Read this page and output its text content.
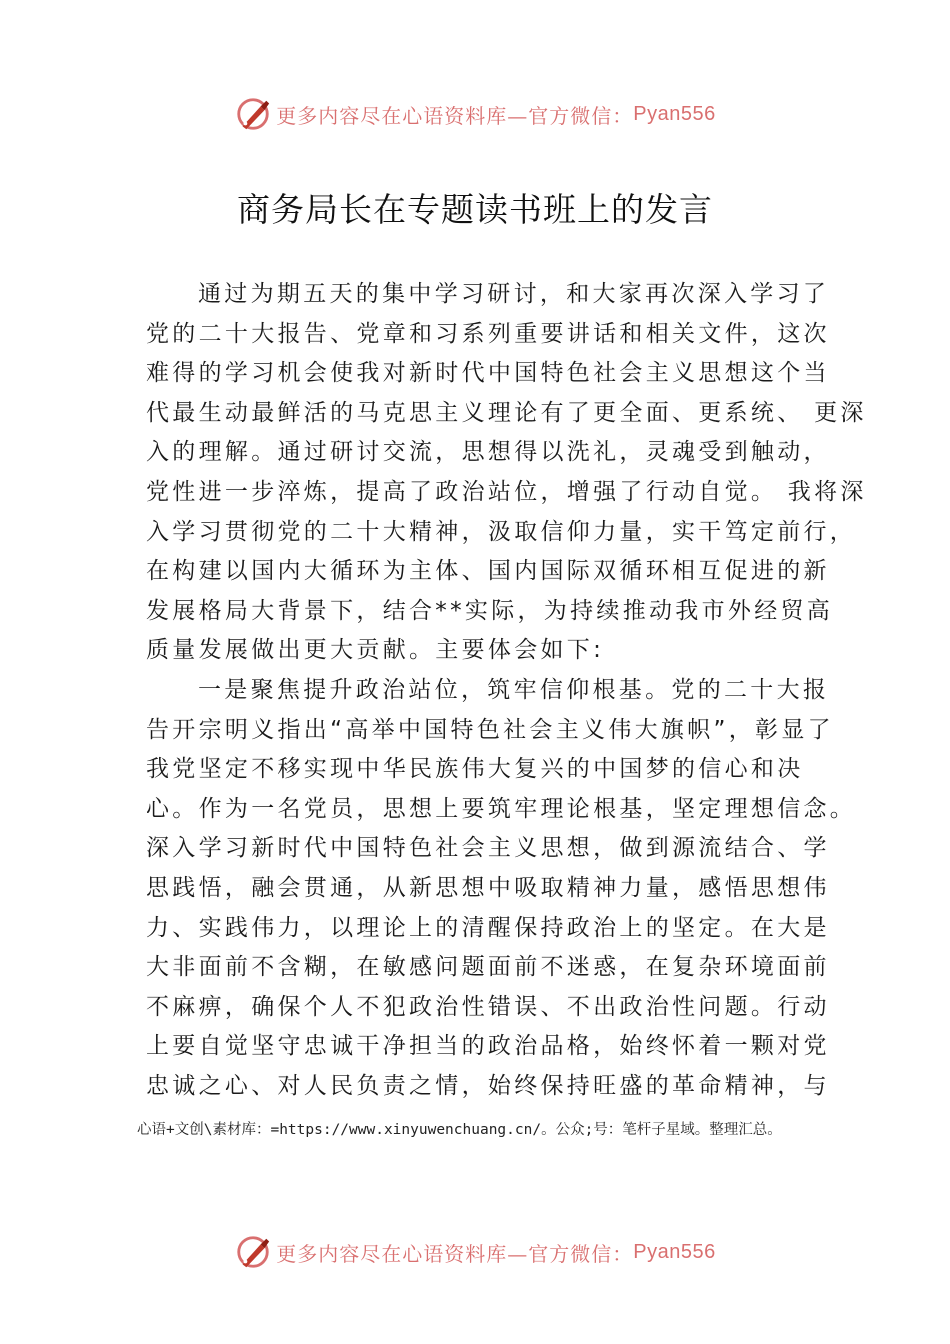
更多内容尽在心语资料库—官方微信： Pyan556
商务局长在专题读书班上的发言
通过为期五天的集中学习研讨，和大家再次深入学习了
党的二十大报告、党章和习系列重要讲话和相关文件，这次
难得的学习机会使我对新时代中国特色社会主义思想这个当
代最生动最鲜活的马克思主义理论有了更全面、更系统、 更深
入的理解。通过研讨交流，思想得以洗礼，灵魂受到触动，
党性进一步淬炼，提高了政治站位，增强了行动自觉。 我将深
入学习贯彻党的二十大精神，汲取信仰力量，实干笃定前行，
在构建以国内大循环为主体、国内国际双循环相互促进的新
发展格局大背景下，结合**实际，为持续推动我市外经贸高
质量发展做出更大贡献。主要体会如下:
一是聚焦提升政治站位，筑牢信仰根基。党的二十大报
告开宗明义指出“高举中国特色社会主义伟大旗帜”，彰显了
我党坚定不移实现中华民族伟大复兴的中国梦的信心和决
心。作为一名党员，思想上要筑牢理论根基，坚定理想信念。
深入学习新时代中国特色社会主义思想，做到源流结合、学
思践悟，融会贯通，从新思想中吸取精神力量，感悟思想伟
力、实践伟力，以理论上的清醒保持政治上的坚定。在大是
大非面前不含糊，在敏感问题面前不迷惑，在复杂环境面前
不麻痹，确保个人不犯政治性错误、不出政治性问题。行动
上要自觉坚守忠诚干净担当的政治品格，始终怀着一颗对党
忠诚之心、对人民负责之情，始终保持旺盛的革命精神，与
心语+文创\素材库：=https://www.xinyuwenchuang.cn/。公众;号：笔杆子星域。整理汇总。
更多内容尽在心语资料库—官方微信： Pyan556
